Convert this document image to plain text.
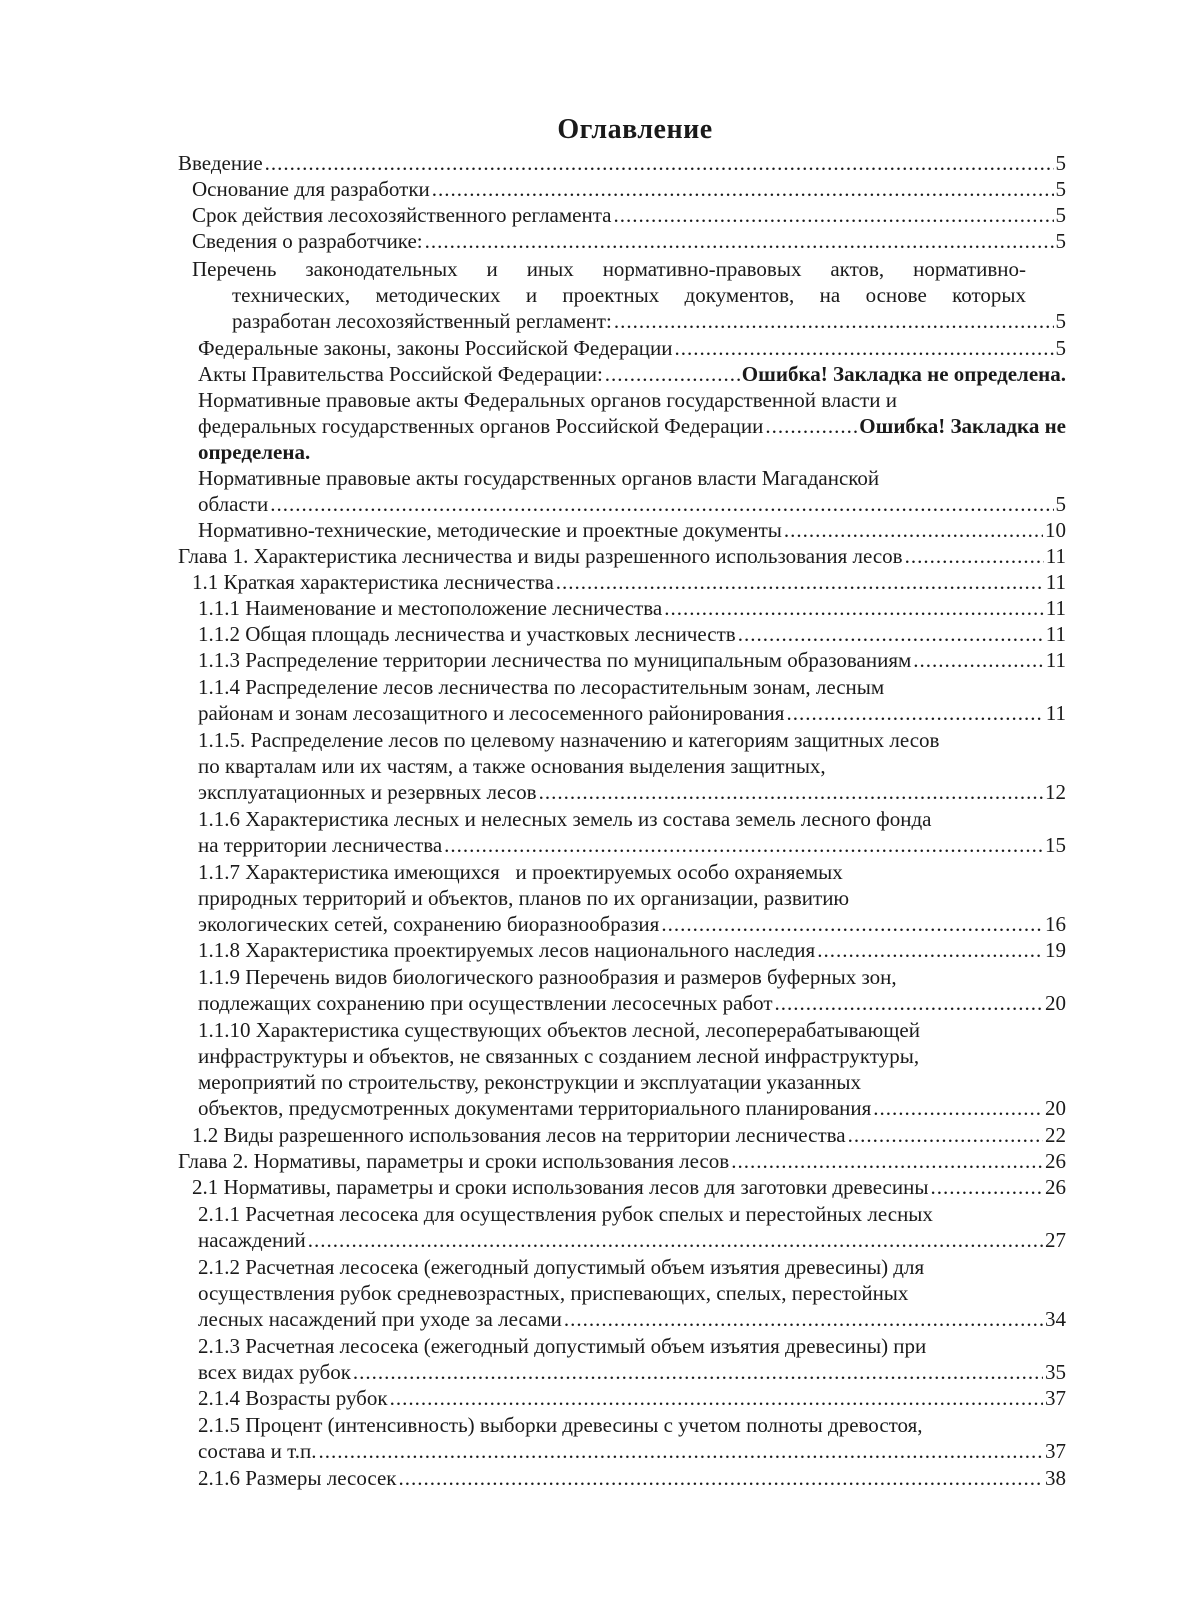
Оглавление
Введение .....	5
Основание для разработки .....	5
Срок действия лесохозяйственного регламента .....	5
Сведения о разработчике: .....	5
Перечень законодательных и иных нормативно-правовых актов, нормативно-
технических, методических и проектных документов, на основе которых
разработан лесохозяйственный регламент: .....	5
Федеральные законы, законы Российской Федерации .....	5
Акты Правительства Российской Федерации: .....	Ошибка! Закладка не определена.
Нормативные правовые акты Федеральных органов государственной власти и
федеральных государственных органов Российской Федерации .....	Ошибка! Закладка не
определена.
Нормативные правовые акты государственных органов власти Магаданской
области .....	5
Нормативно-технические, методические и проектные документы .....	10
Глава 1. Характеристика лесничества и виды разрешенного использования лесов .....	11
1.1 Краткая характеристика лесничества .....	11
1.1.1 Наименование и местоположение лесничества .....	11
1.1.2 Общая площадь лесничества и участковых лесничеств .....	11
1.1.3 Распределение территории лесничества по муниципальным образованиям .....	11
1.1.4 Распределение лесов лесничества по лесорастительным зонам, лесным
районам и зонам лесозащитного и лесосеменного районирования .....	11
1.1.5. Распределение лесов по целевому назначению и категориям защитных лесов
по кварталам или их частям, а также основания выделения защитных,
эксплуатационных и резервных лесов .....	12
1.1.6 Характеристика лесных и нелесных земель из состава земель лесного фонда
на территории лесничества .....	15
1.1.7 Характеристика имеющихся   и проектируемых особо охраняемых
природных территорий и объектов, планов по их организации, развитию
экологических сетей, сохранению биоразнообразия .....	16
1.1.8 Характеристика проектируемых лесов национального наследия .....	19
1.1.9 Перечень видов биологического разнообразия и размеров буферных зон,
подлежащих сохранению при осуществлении лесосечных работ .....	20
1.1.10 Характеристика существующих объектов лесной, лесоперерабатывающей
инфраструктуры и объектов, не связанных с созданием лесной инфраструктуры,
мероприятий по строительству, реконструкции и эксплуатации указанных
объектов, предусмотренных документами территориального планирования .....	20
1.2 Виды разрешенного использования лесов на территории лесничества .....	22
Глава 2. Нормативы, параметры и сроки использования лесов .....	26
2.1 Нормативы, параметры и сроки использования лесов для заготовки древесины .....	26
2.1.1 Расчетная лесосека для осуществления рубок спелых и перестойных лесных
насаждений .....	27
2.1.2 Расчетная лесосека (ежегодный допустимый объем изъятия древесины) для
осуществления рубок средневозрастных, приспевающих, спелых, перестойных
лесных насаждений при уходе за лесами .....	34
2.1.3 Расчетная лесосека (ежегодный допустимый объем изъятия древесины) при
всех видах рубок .....	35
2.1.4 Возрасты рубок .....	37
2.1.5 Процент (интенсивность) выборки древесины с учетом полноты древостоя,
состава и т.п. .....	37
2.1.6 Размеры лесосек .....	38
